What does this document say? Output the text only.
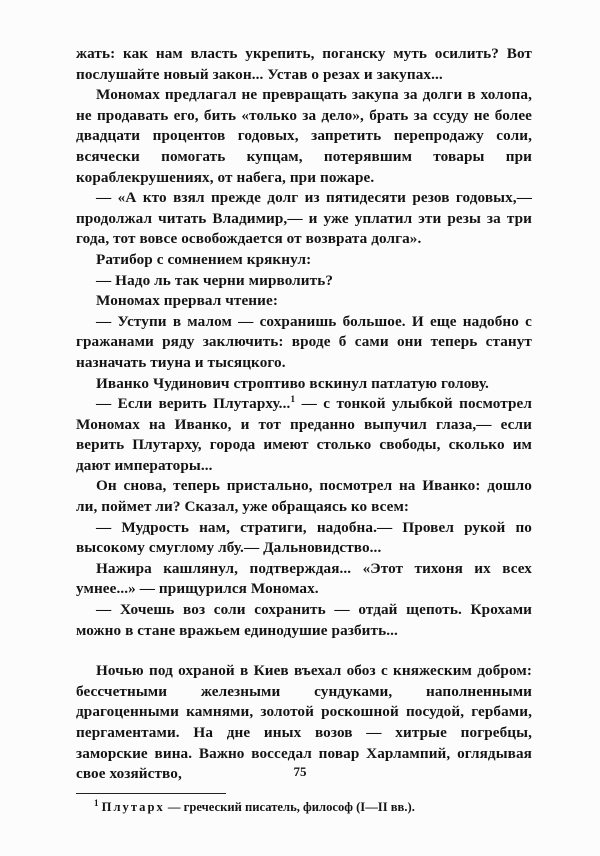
жать: как нам власть укрепить, поганску муть осилить? Вот послушайте новый закон... Устав о резах и закупах...

Мономах предлагал не превращать закупа за долги в холопа, не продавать его, бить «только за дело», брать за ссуду не более двадцати процентов годовых, запретить перепродажу соли, всячески помогать купцам, потерявшим товары при кораблекрушениях, от набега, при пожаре.

— «А кто взял прежде долг из пятидесяти резов годовых,— продолжал читать Владимир,— и уже уплатил эти резы за три года, тот вовсе освобождается от возврата долга».

Ратибор с сомнением крякнул:

— Надо ль так черни мирволить?

Мономах прервал чтение:

— Уступи в малом — сохранишь большое. И еще надобно с гражанами ряду заключить: вроде б сами они теперь станут назначать тиуна и тысяцкого.

Иванко Чудинович строптиво вскинул патлатую голову.

— Если верить Плутарху...$^1$ — с тонкой улыбкой посмотрел Мономах на Иванко, и тот преданно выпучил глаза,— если верить Плутарху, города имеют столько свободы, сколько им дают императоры...

Он снова, теперь пристально, посмотрел на Иванко: дошло ли, поймет ли? Сказал, уже обращаясь ко всем:

— Мудрость нам, стратиги, надобна.— Провел рукой по высокому смуглому лбу.— Дальновидство...

Нажира кашлянул, подтверждая... «Этот тихоня их всех умнее...» — прищурился Мономах.

— Хочешь воз соли сохранить — отдай щепоть. Крохами можно в стане вражьем единодушие разбить...

Ночью под охраной в Киев въехал обоз с княжеским добром: бессчетными железными сундуками, наполненными драгоценными камнями, золотой роскошной посудой, гербами, пергаментами. На дне иных возов — хитрые погребцы, заморские вина. Важно восседал повар Харлампий, оглядывая свое хозяйство,

$^1$ Плутарх — греческий писатель, философ (I—II вв.).

75
